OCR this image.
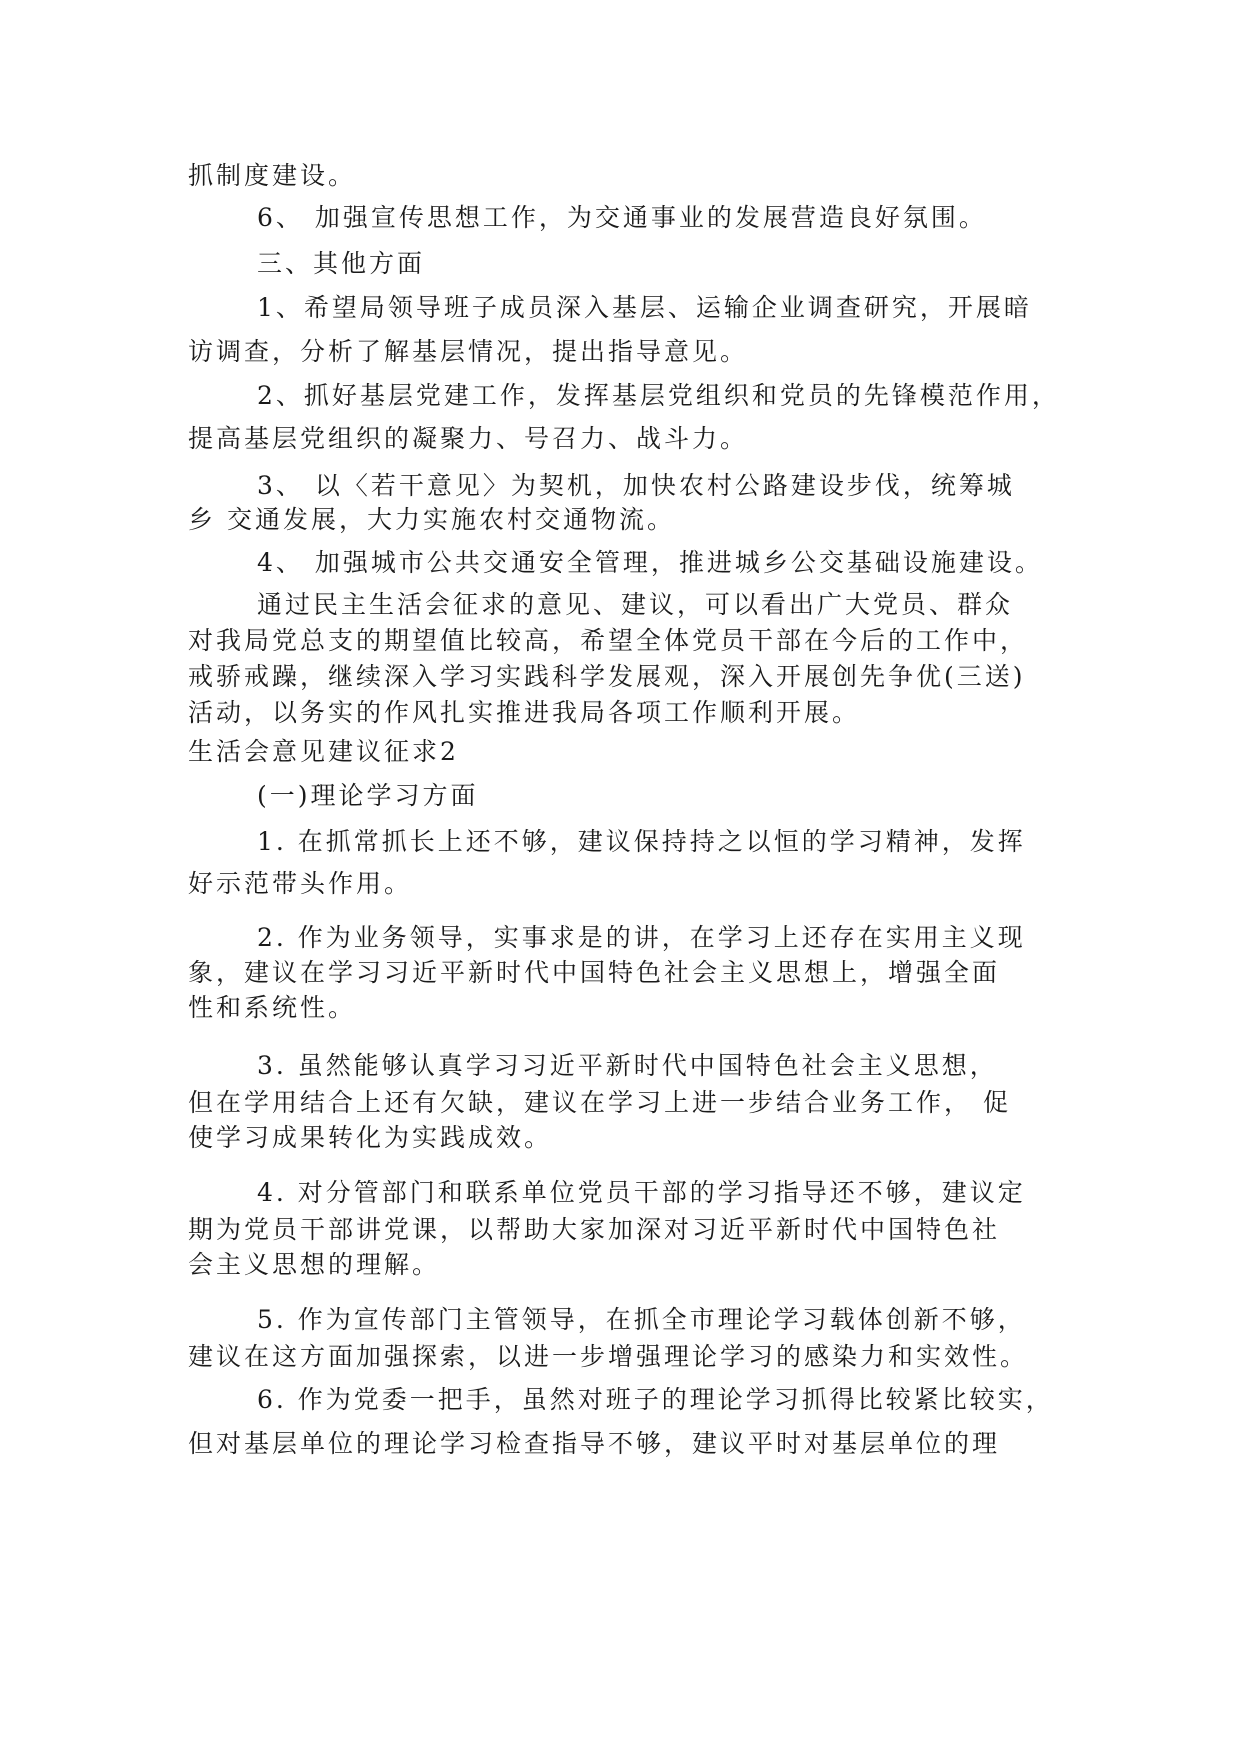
抓制度建设。
6、 加强宣传思想工作，为交通事业的发展营造良好氛围。
三、其他方面
1、希望局领导班子成员深入基层、运输企业调查研究，开展暗
访调查，分析了解基层情况，提出指导意见。
2、抓好基层党建工作，发挥基层党组织和党员的先锋模范作用，
提高基层党组织的凝聚力、号召力、战斗力。
3、 以〈若干意见〉为契机，加快农村公路建设步伐，统筹城
乡 交通发展，大力实施农村交通物流。
4、 加强城市公共交通安全管理，推进城乡公交基础设施建设。
通过民主生活会征求的意见、建议，可以看出广大党员、群众
对我局党总支的期望值比较高，希望全体党员干部在今后的工作中，
戒骄戒躁，继续深入学习实践科学发展观，深入开展创先争优(三送)
活动，以务实的作风扎实推进我局各项工作顺利开展。
生活会意见建议征求2
(一)理论学习方面
1. 在抓常抓长上还不够，建议保持持之以恒的学习精神，发挥
好示范带头作用。
2. 作为业务领导，实事求是的讲，在学习上还存在实用主义现
象，建议在学习习近平新时代中国特色社会主义思想上，增强全面
性和系统性。
3. 虽然能够认真学习习近平新时代中国特色社会主义思想，
但在学用结合上还有欠缺，建议在学习上进一步结合业务工作， 促
使学习成果转化为实践成效。
4. 对分管部门和联系单位党员干部的学习指导还不够，建议定
期为党员干部讲党课，以帮助大家加深对习近平新时代中国特色社
会主义思想的理解。
5. 作为宣传部门主管领导，在抓全市理论学习载体创新不够，
建议在这方面加强探索，以进一步增强理论学习的感染力和实效性。
6. 作为党委一把手，虽然对班子的理论学习抓得比较紧比较实，
但对基层单位的理论学习检查指导不够，建议平时对基层单位的理
